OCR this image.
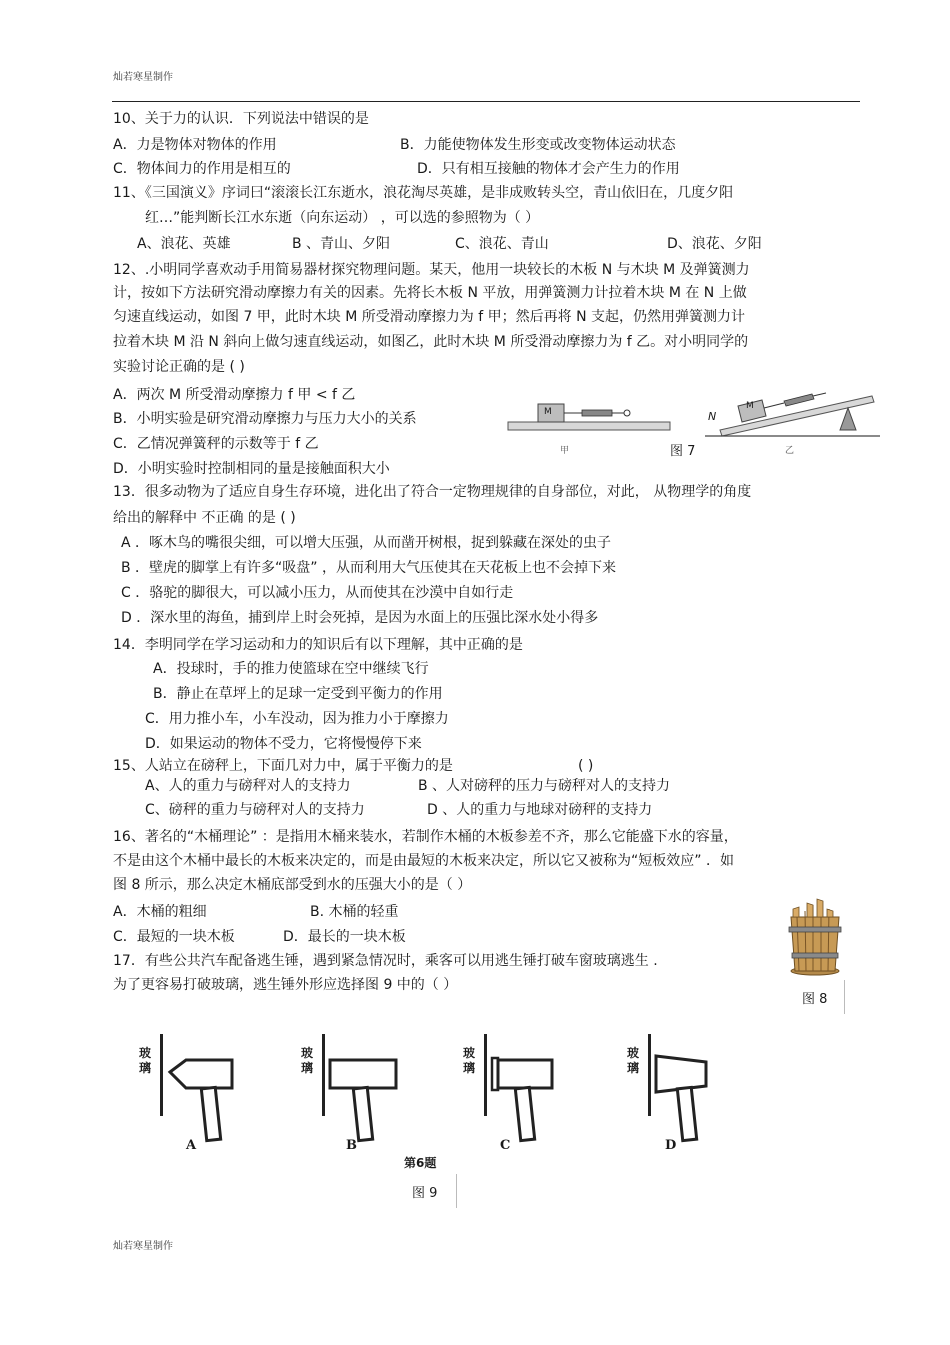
灿若寒星制作
10、关于力的认识．下列说法中错误的是
A．力是物体对物体的作用	B．力能使物体发生形变或改变物体运动状态
C．物体间力的作用是相互的	D．只有相互接触的物体才会产生力的作用
11、《三国演义》序词曰“滚滚长江东逝水，浪花淘尽英雄，是非成败转头空，青山依旧在，几度夕阳
红…”能判断长江水东逝（向东运动） ，可以选的参照物为（ ）
A、浪花、英雄	B 、青山、夕阳	C、浪花、青山	D、浪花、夕阳
12、.小明同学喜欢动手用简易器材探究物理问题。某天，他用一块较长的木板 N 与木块 M 及弹簧测力
计，按如下方法研究滑动摩擦力有关的因素。先将长木板 N 平放，用弹簧测力计拉着木块 M 在 N 上做
匀速直线运动，如图 7 甲，此时木块 M 所受滑动摩擦力为 f 甲；然后再将 N 支起，仍然用弹簧测力计
拉着木块 M 沿 N 斜向上做匀速直线运动，如图乙，此时木块 M 所受滑动摩擦力为 f 乙。对小明同学的
实验讨论正确的是 ( )
A．两次 M 所受滑动摩擦力 f 甲 < f 乙
B．小明实验是研究滑动摩擦力与压力大小的关系
C．乙情况弹簧秤的示数等于 f 乙
D．小明实验时控制相同的量是接触面积大小
M
M
N
甲	图 7	乙
13．很多动物为了适应自身生存环境，进化出了符合一定物理规律的自身部位，对此， 从物理学的角度
给出的解释中 不正确 的是 ( )
A ．啄木鸟的嘴很尖细，可以增大压强，从而凿开树根，捉到躲藏在深处的虫子
B ．壁虎的脚掌上有许多“吸盘” ，从而利用大气压使其在天花板上也不会掉下来
C ．骆驼的脚很大，可以减小压力，从而使其在沙漠中自如行走
D ．深水里的海鱼，捕到岸上时会死掉，是因为水面上的压强比深水处小得多
14．李明同学在学习运动和力的知识后有以下理解，其中正确的是
A．投球时，手的推力使篮球在空中继续飞行
B．静止在草坪上的足球一定受到平衡力的作用
C．用力推小车，小车没动，因为推力小于摩擦力
D．如果运动的物体不受力，它将慢慢停下来
15、人站立在磅秤上，下面几对力中，属于平衡力的是	( )
A、人的重力与磅秤对人的支持力	B 、人对磅秤的压力与磅秤对人的支持力
C、磅秤的重力与磅秤对人的支持力	D 、人的重力与地球对磅秤的支持力
16、著名的“木桶理论” ：是指用木桶来装水，若制作木桶的木板参差不齐，那么它能盛下水的容量，
不是由这个木桶中最长的木板来决定的，而是由最短的木板来决定，所以它又被称为“短板效应” ．如
图 8 所示，那么决定木桶底部受到水的压强大小的是（ ）
A．木桶的粗细	B. 木桶的轻重
C．最短的一块木板	D．最长的一块木板
图 8
17．有些公共汽车配备逃生锤，遇到紧急情况时，乘客可以用逃生锤打破车窗玻璃逃生 .
为了更容易打破玻璃，逃生锤外形应选择图 9 中的（ ）
玻璃
玻璃
玻璃
玻璃
A	B	C	D
第6题
图 9
灿若寒星制作
